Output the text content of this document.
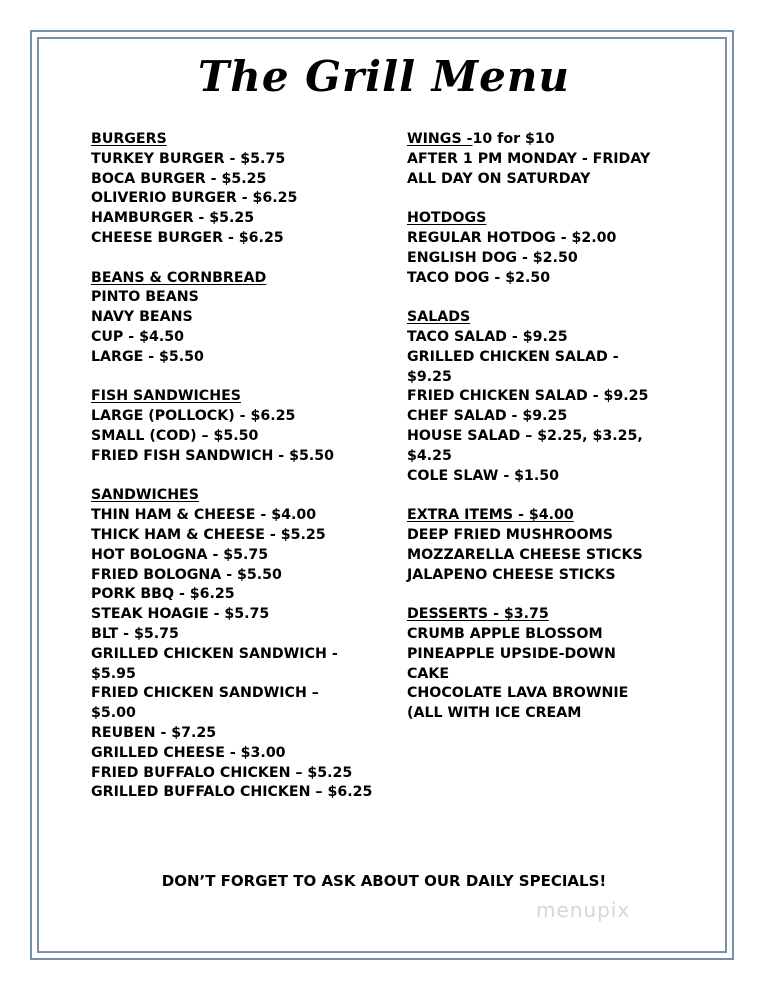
The Grill Menu
BURGERS
TURKEY BURGER - $5.75
BOCA BURGER - $5.25
OLIVERIO BURGER - $6.25
HAMBURGER - $5.25
CHEESE BURGER - $6.25
BEANS & CORNBREAD
PINTO BEANS
NAVY BEANS
CUP - $4.50
LARGE - $5.50
FISH SANDWICHES
LARGE (POLLOCK) - $6.25
SMALL (COD) – $5.50
FRIED FISH SANDWICH - $5.50
SANDWICHES
THIN HAM & CHEESE - $4.00
THICK HAM & CHEESE - $5.25
HOT BOLOGNA - $5.75
FRIED BOLOGNA - $5.50
PORK BBQ - $6.25
STEAK HOAGIE - $5.75
BLT - $5.75
GRILLED CHICKEN SANDWICH -
$5.95
FRIED CHICKEN SANDWICH –
$5.00
REUBEN - $7.25
GRILLED CHEESE - $3.00
FRIED BUFFALO CHICKEN – $5.25
GRILLED BUFFALO CHICKEN – $6.25
WINGS -10 for $10
AFTER 1 PM MONDAY - FRIDAY
ALL DAY ON SATURDAY
HOTDOGS
REGULAR HOTDOG - $2.00
ENGLISH DOG - $2.50
TACO DOG - $2.50
SALADS
TACO SALAD - $9.25
GRILLED CHICKEN SALAD -
$9.25
FRIED CHICKEN SALAD - $9.25
CHEF SALAD - $9.25
HOUSE SALAD – $2.25, $3.25,
$4.25
COLE SLAW - $1.50
EXTRA ITEMS - $4.00
DEEP FRIED MUSHROOMS
MOZZARELLA CHEESE STICKS
JALAPENO CHEESE STICKS
DESSERTS - $3.75
CRUMB APPLE BLOSSOM
PINEAPPLE UPSIDE-DOWN
CAKE
CHOCOLATE LAVA BROWNIE
(ALL WITH ICE CREAM
DON’T FORGET TO ASK ABOUT OUR DAILY SPECIALS!
menupix
